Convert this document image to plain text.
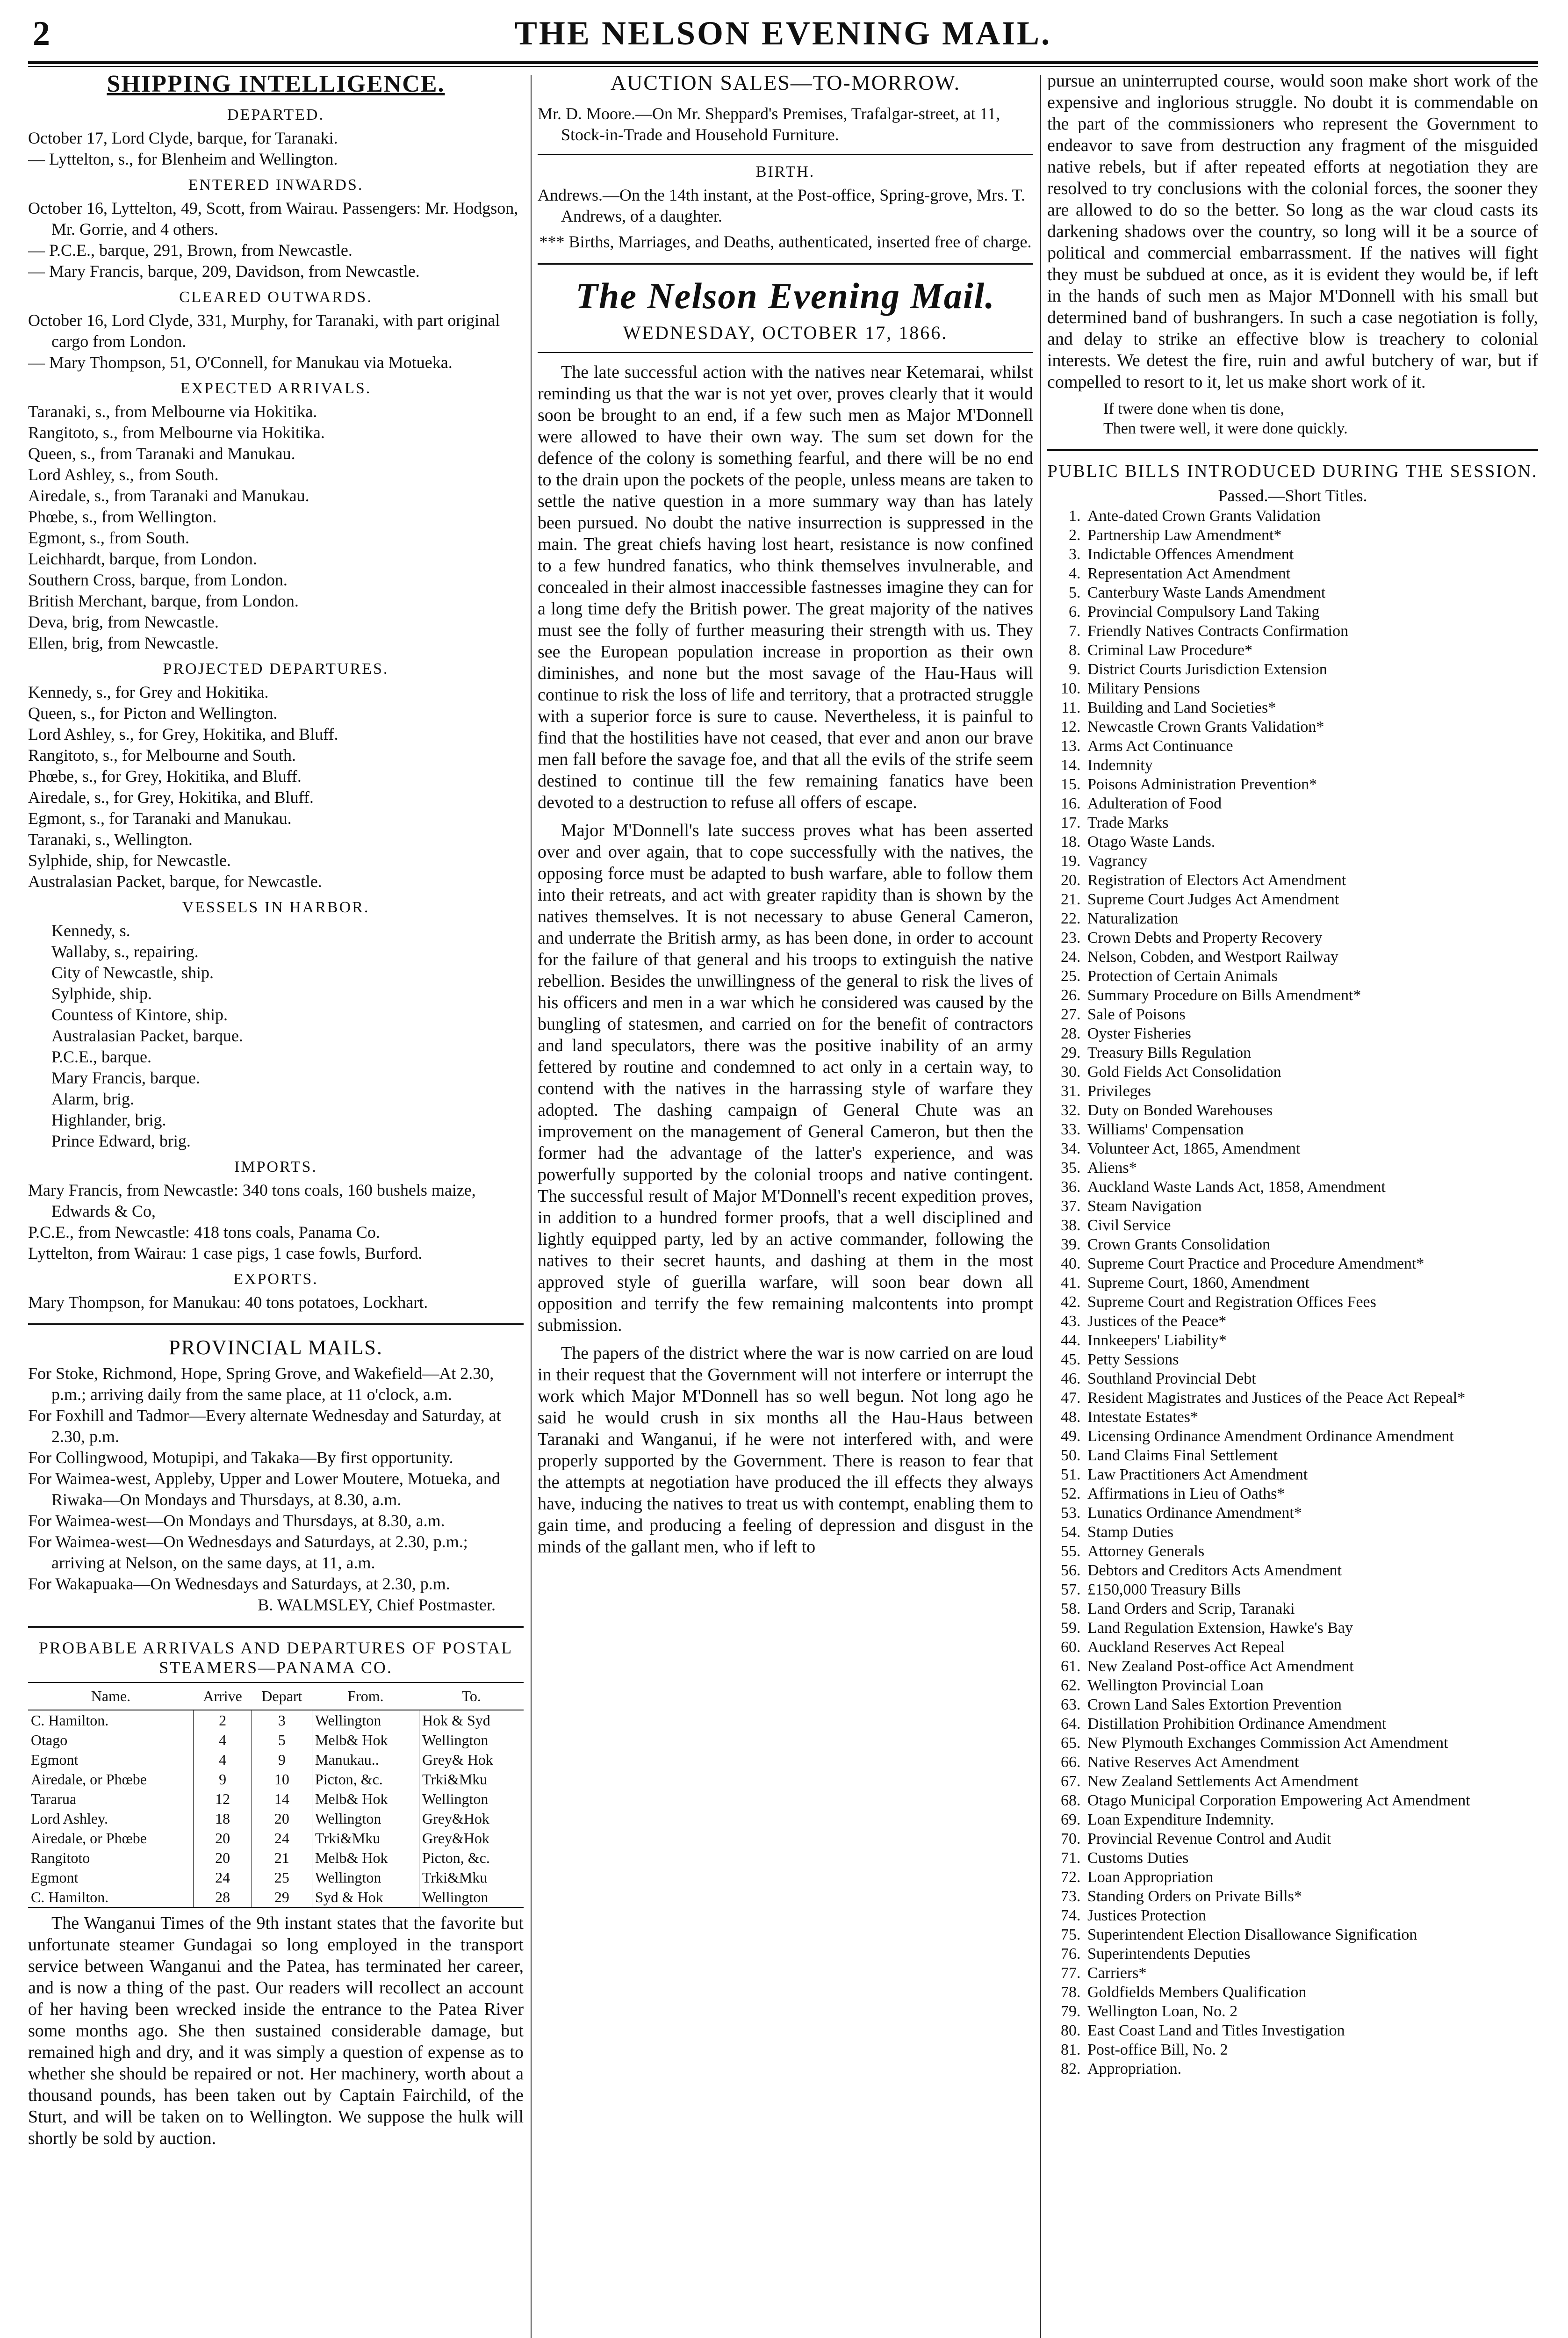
2	THE NELSON EVENING MAIL.
SHIPPING INTELLIGENCE.
DEPARTED.

October 17, Lord Clyde, barque, for Taranaki.

— Lyttelton, s., for Blenheim and Wellington.

ENTERED INWARDS.

October 16, Lyttelton, 49, Scott, from Wairau. Passengers: Mr. Hodgson, Mr. Gorrie, and 4 others.

— P.C.E., barque, 291, Brown, from Newcastle.

— Mary Francis, barque, 209, Davidson, from Newcastle.

CLEARED OUTWARDS.

October 16, Lord Clyde, 331, Murphy, for Taranaki, with part original cargo from London.

— Mary Thompson, 51, O'Connell, for Manukau via Motueka.

EXPECTED ARRIVALS.

Taranaki, s., from Melbourne via Hokitika.

Rangitoto, s., from Melbourne via Hokitika.

Queen, s., from Taranaki and Manukau.

Lord Ashley, s., from South.

Airedale, s., from Taranaki and Manukau.

Phœbe, s., from Wellington.

Egmont, s., from South.

Leichhardt, barque, from London.

Southern Cross, barque, from London.

British Merchant, barque, from London.

Deva, brig, from Newcastle.

Ellen, brig, from Newcastle.

PROJECTED DEPARTURES.

Kennedy, s., for Grey and Hokitika.

Queen, s., for Picton and Wellington.

Lord Ashley, s., for Grey, Hokitika, and Bluff.

Rangitoto, s., for Melbourne and South.

Phœbe, s., for Grey, Hokitika, and Bluff.

Airedale, s., for Grey, Hokitika, and Bluff.

Egmont, s., for Taranaki and Manukau.

Taranaki, s., Wellington.

Sylphide, ship, for Newcastle.

Australasian Packet, barque, for Newcastle.

VESSELS IN HARBOR.

Kennedy, s.

Wallaby, s., repairing.

City of Newcastle, ship.

Sylphide, ship.

Countess of Kintore, ship.

Australasian Packet, barque.

P.C.E., barque.

Mary Francis, barque.

Alarm, brig.

Highlander, brig.

Prince Edward, brig.

IMPORTS.

Mary Francis, from Newcastle: 340 tons coals, 160 bushels maize, Edwards & Co,

P.C.E., from Newcastle: 418 tons coals, Panama Co.

Lyttelton, from Wairau: 1 case pigs, 1 case fowls, Burford.

EXPORTS.

Mary Thompson, for Manukau: 40 tons potatoes, Lockhart.

PROVINCIAL MAILS.

For Stoke, Richmond, Hope, Spring Grove, and Wakefield—At 2.30, p.m.; arriving daily from the same place, at 11 o'clock, a.m.

For Foxhill and Tadmor—Every alternate Wednesday and Saturday, at 2.30, p.m.

For Collingwood, Motupipi, and Takaka—By first opportunity.

For Waimea-west, Appleby, Upper and Lower Moutere, Motueka, and Riwaka—On Mondays and Thursdays, at 8.30, a.m.

For Waimea-west—On Mondays and Thursdays, at 8.30, a.m.

For Waimea-west—On Wednesdays and Saturdays, at 2.30, p.m.; arriving at Nelson, on the same days, at 11, a.m.

For Wakapuaka—On Wednesdays and Saturdays, at 2.30, p.m.

B. WALMSLEY, Chief Postmaster.

PROBABLE ARRIVALS AND DEPARTURES OF POSTAL STEAMERS—PANAMA CO.
Name.	Arrive	Depart	From.	To.
C. Hamilton.	2	3	Wellington	Hok & Syd
Otago	4	5	Melb& Hok	Wellington
Egmont	4	9	Manukau..	Grey& Hok
Airedale, or Phœbe	9	10	Picton, &c.	Trki&Mku
Tararua	12	14	Melb& Hok	Wellington
Lord Ashley.	18	20	Wellington	Grey&Hok
Airedale, or Phœbe	20	24	Trki&Mku	Grey&Hok
Rangitoto	20	21	Melb& Hok	Picton, &c.
Egmont	24	25	Wellington	Trki&Mku
C. Hamilton.	28	29	Syd & Hok	Wellington

The Wanganui Times of the 9th instant states that the favorite but unfortunate steamer Gundagai so long employed in the transport service between Wanganui and the Patea, has terminated her career, and is now a thing of the past. Our readers will recollect an account of her having been wrecked inside the entrance to the Patea River some months ago. She then sustained considerable damage, but remained high and dry, and it was simply a question of expense as to whether she should be repaired or not. Her machinery, worth about a thousand pounds, has been taken out by Captain Fairchild, of the Sturt, and will be taken on to Wellington. We suppose the hulk will shortly be sold by auction.

AUCTION SALES—TO-MORROW.

Mr. D. Moore.—On Mr. Sheppard's Premises, Trafalgar-street, at 11, Stock-in-Trade and Household Furniture.

BIRTH.

Andrews.—On the 14th instant, at the Post-office, Spring-grove, Mrs. T. Andrews, of a daughter.

*** Births, Marriages, and Deaths, authenticated, inserted free of charge.

The Nelson Evening Mail.
WEDNESDAY, OCTOBER 17, 1866.

The late successful action with the natives near Ketemarai, whilst reminding us that the war is not yet over, proves clearly that it would soon be brought to an end, if a few such men as Major M'Donnell were allowed to have their own way. The sum set down for the defence of the colony is something fearful, and there will be no end to the drain upon the pockets of the people, unless means are taken to settle the native question in a more summary way than has lately been pursued. No doubt the native insurrection is suppressed in the main. The great chiefs having lost heart, resistance is now confined to a few hundred fanatics, who think themselves invulnerable, and concealed in their almost inaccessible fastnesses imagine they can for a long time defy the British power. The great majority of the natives must see the folly of further measuring their strength with us. They see the European population increase in proportion as their own diminishes, and none but the most savage of the Hau-Haus will continue to risk the loss of life and territory, that a protracted struggle with a superior force is sure to cause. Nevertheless, it is painful to find that the hostilities have not ceased, that ever and anon our brave men fall before the savage foe, and that all the evils of the strife seem destined to continue till the few remaining fanatics have been devoted to a destruction to refuse all offers of escape.

Major M'Donnell's late success proves what has been asserted over and over again, that to cope successfully with the natives, the opposing force must be adapted to bush warfare, able to follow them into their retreats, and act with greater rapidity than is shown by the natives themselves. It is not necessary to abuse General Cameron, and underrate the British army, as has been done, in order to account for the failure of that general and his troops to extinguish the native rebellion. Besides the unwillingness of the general to risk the lives of his officers and men in a war which he considered was caused by the bungling of statesmen, and carried on for the benefit of contractors and land speculators, there was the positive inability of an army fettered by routine and condemned to act only in a certain way, to contend with the natives in the harrassing style of warfare they adopted. The dashing campaign of General Chute was an improvement on the management of General Cameron, but then the former had the advantage of the latter's experience, and was powerfully supported by the colonial troops and native contingent. The successful result of Major M'Donnell's recent expedition proves, in addition to a hundred former proofs, that a well disciplined and lightly equipped party, led by an active commander, following the natives to their secret haunts, and dashing at them in the most approved style of guerilla warfare, will soon bear down all opposition and terrify the few remaining malcontents into prompt submission.

The papers of the district where the war is now carried on are loud in their request that the Government will not interfere or interrupt the work which Major M'Donnell has so well begun. Not long ago he said he would crush in six months all the Hau-Haus between Taranaki and Wanganui, if he were not interfered with, and were properly supported by the Government. There is reason to fear that the attempts at negotiation have produced the ill effects they always have, inducing the natives to treat us with contempt, enabling them to gain time, and producing a feeling of depression and disgust in the minds of the gallant men, who if left to

pursue an uninterrupted course, would soon make short work of the expensive and inglorious struggle. No doubt it is commendable on the part of the commissioners who represent the Government to endeavor to save from destruction any fragment of the misguided native rebels, but if after repeated efforts at negotiation they are resolved to try conclusions with the colonial forces, the sooner they are allowed to do so the better. So long as the war cloud casts its darkening shadows over the country, so long will it be a source of political and commercial embarrassment. If the natives will fight they must be subdued at once, as it is evident they would be, if left in the hands of such men as Major M'Donnell with his small but determined band of bushrangers. In such a case negotiation is folly, and delay to strike an effective blow is treachery to colonial interests. We detest the fire, ruin and awful butchery of war, but if compelled to resort to it, let us make short work of it.

If twere done when tis done,

Then twere well, it were done quickly.

PUBLIC BILLS INTRODUCED DURING THE SESSION.

Passed.—Short Titles.

1. Ante-dated Crown Grants Validation
2. Partnership Law Amendment*
3. Indictable Offences Amendment
4. Representation Act Amendment
5. Canterbury Waste Lands Amendment
6. Provincial Compulsory Land Taking
7. Friendly Natives Contracts Confirmation
8. Criminal Law Procedure*
9. District Courts Jurisdiction Extension
10. Military Pensions
11. Building and Land Societies*
12. Newcastle Crown Grants Validation*
13. Arms Act Continuance
14. Indemnity
15. Poisons Administration Prevention*
16. Adulteration of Food
17. Trade Marks
18. Otago Waste Lands.
19. Vagrancy
20. Registration of Electors Act Amendment
21. Supreme Court Judges Act Amendment
22. Naturalization
23. Crown Debts and Property Recovery
24. Nelson, Cobden, and Westport Railway
25. Protection of Certain Animals
26. Summary Procedure on Bills Amendment*
27. Sale of Poisons
28. Oyster Fisheries
29. Treasury Bills Regulation
30. Gold Fields Act Consolidation
31. Privileges
32. Duty on Bonded Warehouses
33. Williams' Compensation
34. Volunteer Act, 1865, Amendment
35. Aliens*
36. Auckland Waste Lands Act, 1858, Amendment
37. Steam Navigation
38. Civil Service
39. Crown Grants Consolidation
40. Supreme Court Practice and Procedure Amendment*
41. Supreme Court, 1860, Amendment
42. Supreme Court and Registration Offices Fees
43. Justices of the Peace*
44. Innkeepers' Liability*
45. Petty Sessions
46. Southland Provincial Debt
47. Resident Magistrates and Justices of the Peace Act Repeal*
48. Intestate Estates*
49. Licensing Ordinance Amendment Ordinance Amendment
50. Land Claims Final Settlement
51. Law Practitioners Act Amendment
52. Affirmations in Lieu of Oaths*
53. Lunatics Ordinance Amendment*
54. Stamp Duties
55. Attorney Generals
56. Debtors and Creditors Acts Amendment
57. £150,000 Treasury Bills
58. Land Orders and Scrip, Taranaki
59. Land Regulation Extension, Hawke's Bay
60. Auckland Reserves Act Repeal
61. New Zealand Post-office Act Amendment
62. Wellington Provincial Loan
63. Crown Land Sales Extortion Prevention
64. Distillation Prohibition Ordinance Amendment
65. New Plymouth Exchanges Commission Act Amendment
66. Native Reserves Act Amendment
67. New Zealand Settlements Act Amendment
68. Otago Municipal Corporation Empowering Act Amendment
69. Loan Expenditure Indemnity.
70. Provincial Revenue Control and Audit
71. Customs Duties
72. Loan Appropriation
73. Standing Orders on Private Bills*
74. Justices Protection
75. Superintendent Election Disallowance Signification
76. Superintendents Deputies
77. Carriers*
78. Goldfields Members Qualification
79. Wellington Loan, No. 2
80. East Coast Land and Titles Investigation
81. Post-office Bill, No. 2
82. Appropriation.
